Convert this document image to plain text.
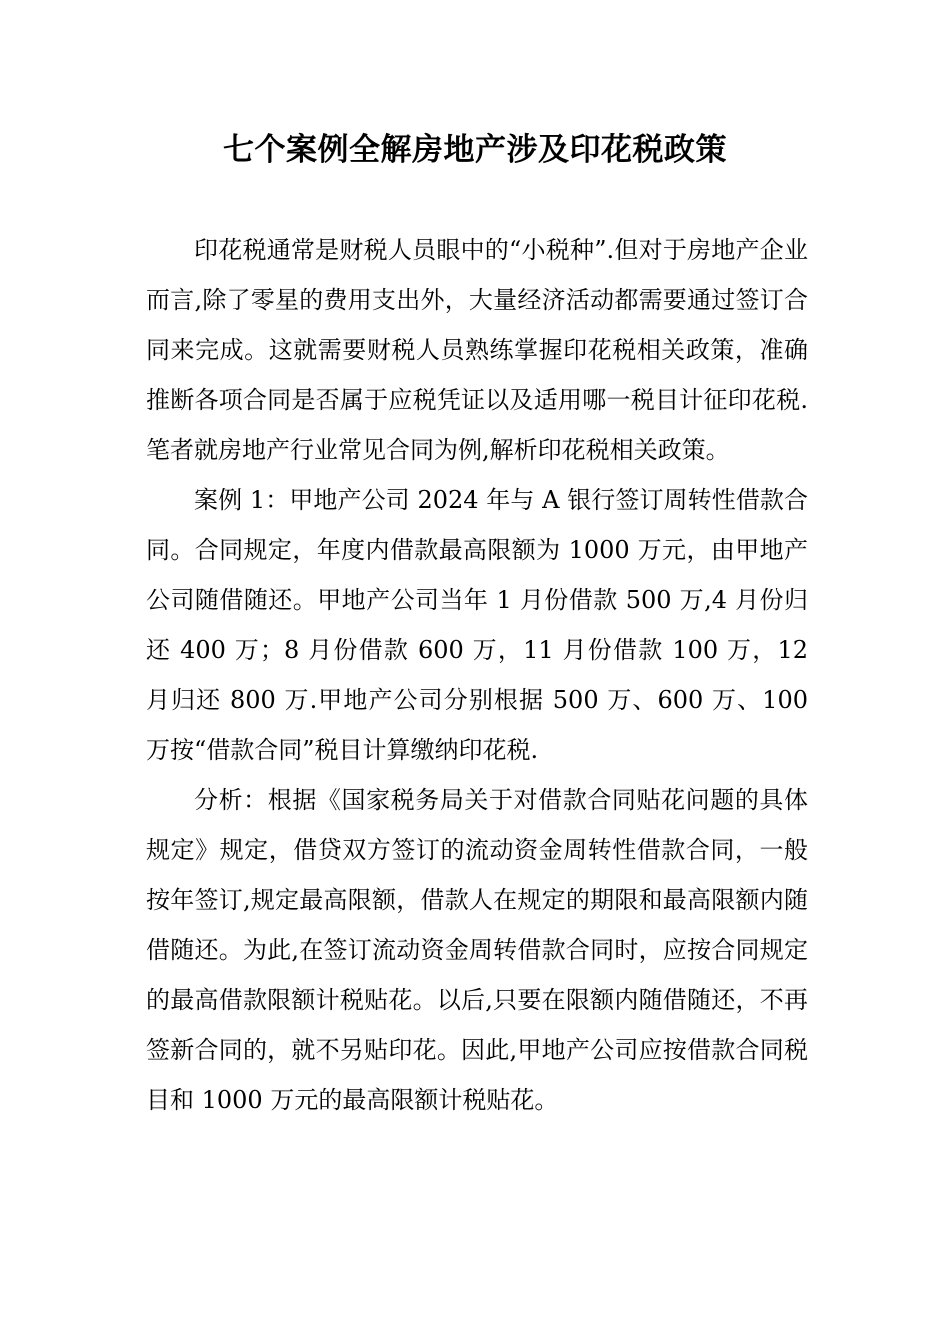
七个案例全解房地产涉及印花税政策

印花税通常是财税人员眼中的“小税种”.但对于房地产企业而言,除了零星的费用支出外，大量经济活动都需要通过签订合同来完成。这就需要财税人员熟练掌握印花税相关政策，准确推断各项合同是否属于应税凭证以及适用哪一税目计征印花税.笔者就房地产行业常见合同为例,解析印花税相关政策。

案例 1：甲地产公司 2024 年与 A 银行签订周转性借款合同。合同规定，年度内借款最高限额为 1000 万元，由甲地产公司随借随还。甲地产公司当年 1 月份借款 500 万,4 月份归还 400 万；8 月份借款 600 万，11 月份借款 100 万，12 月归还 800 万.甲地产公司分别根据 500 万、600 万、100 万按“借款合同”税目计算缴纳印花税.

分析：根据《国家税务局关于对借款合同贴花问题的具体规定》规定，借贷双方签订的流动资金周转性借款合同，一般按年签订,规定最高限额，借款人在规定的期限和最高限额内随借随还。为此,在签订流动资金周转借款合同时，应按合同规定的最高借款限额计税贴花。以后,只要在限额内随借随还，不再签新合同的，就不另贴印花。因此,甲地产公司应按借款合同税目和 1000 万元的最高限额计税贴花。
